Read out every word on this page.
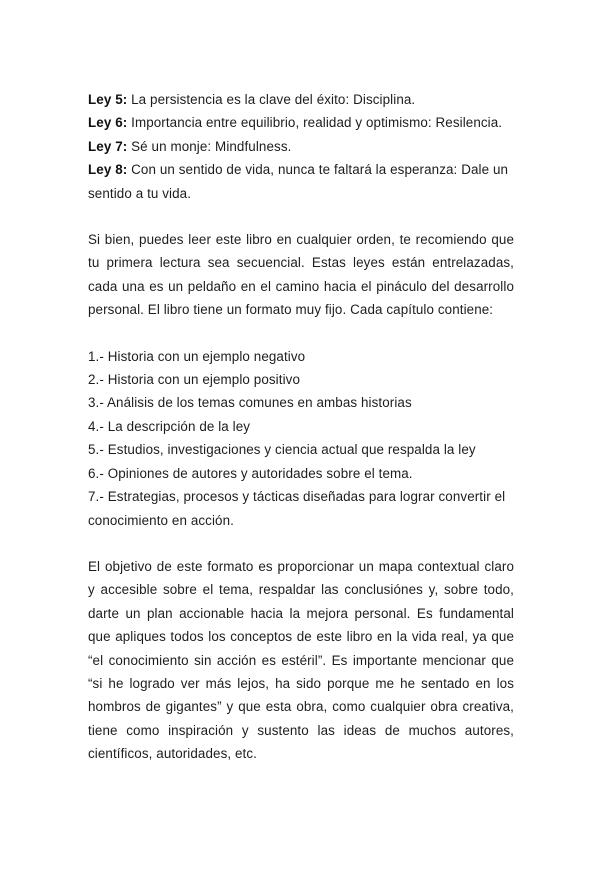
Ley 5: La persistencia es la clave del éxito: Disciplina.

Ley 6: Importancia entre equilibrio, realidad y optimismo: Resilencia.

Ley 7: Sé un monje: Mindfulness.

Ley 8: Con un sentido de vida, nunca te faltará la esperanza: Dale un sentido a tu vida.

Si bien, puedes leer este libro en cualquier orden, te recomiendo que tu primera lectura sea secuencial. Estas leyes están entrelazadas, cada una es un peldaño en el camino hacia el pináculo del desarrollo personal. El libro tiene un formato muy fijo. Cada capítulo contiene:

1.- Historia con un ejemplo negativo

2.- Historia con un ejemplo positivo

3.- Análisis de los temas comunes en ambas historias

4.- La descripción de la ley

5.- Estudios, investigaciones y ciencia actual que respalda la ley

6.- Opiniones de autores y autoridades sobre el tema.

7.- Estrategias, procesos y tácticas diseñadas para lograr convertir el conocimiento en acción.

El objetivo de este formato es proporcionar un mapa contextual claro y accesible sobre el tema, respaldar las conclusiónes y, sobre todo, darte un plan accionable hacia la mejora personal. Es fundamental que apliques todos los conceptos de este libro en la vida real, ya que “el conocimiento sin acción es estéril”. Es importante mencionar que “si he logrado ver más lejos, ha sido porque me he sentado en los hombros de gigantes” y que esta obra, como cualquier obra creativa, tiene como inspiración y sustento las ideas de muchos autores, científicos, autoridades, etc.
